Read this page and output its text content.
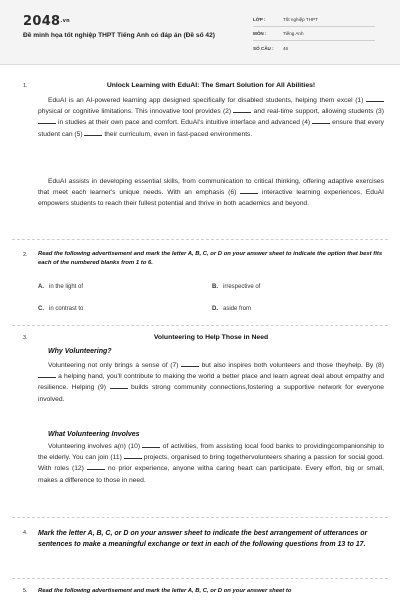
$2048^{.vn}$
Đề minh họa tốt nghiệp THPT Tiếng Anh có đáp án (Đề số 42)
LỚP :	Tốt nghiệp THPT
MÔN :	Tiếng Anh
SỐ CÂU : 46
1.	Unlock Learning with EduAI: The Smart Solution for All Abilities!
EduAI is an AI-powered learning app designed specifically for disabled students, helping them excel (1)  physical or cognitive limitations. This innovative tool provides (2)	and real-time support, allowing students (3)  in studies at their own pace and comfort. EduAI's intuitive interface and advanced (4)	ensure that every student can (5)	their curriculum, even in fast-paced environments.
EduAI assists in developing essential skills, from communication to critical thinking, offering adaptive exercises that meet each learner's unique needs. With an emphasis (6)	interactive learning experiences, EduAI empowers students to reach their fullest potential and thrive in both academics and beyond.
2. Read the following advertisement and mark the letter A, B, C, or D on your answer sheet to indicate the option that best fits each of the numbered blanks from 1 to 6.
A. in the light of	B. irrespective of
C. in contrast to	D. aside from
3.	Volunteering to Help Those in Need
Why Volunteering?
Volunteering not only brings a sense of (7)	but also inspires both volunteers and those theyhelp. By (8)  a helping hand, you'll contribute to making the world a better place and learn agreat deal about empathy and resilience. Helping (9)	builds strong community connections,fostering a supportive network for everyone involved.
What Volunteering Involves
Volunteering involves a(n) (10)	of activities, from assisting local food banks to providingcompanionship to the elderly. You can join (11)	projects, organised to bring togethervolunteers sharing a passion for social good. With roles (12)	no prior experience, anyone witha caring heart can participate. Every effort, big or small, makes a difference to those in need.
4. Mark the letter A, B, C, or D on your answer sheet to indicate the best arrangement of utterances or sentences to make a meaningful exchange or text in each of the following questions from 13 to 17.
5. Read the following advertisement and mark the letter A, B, C, or D on your answer sheet to
